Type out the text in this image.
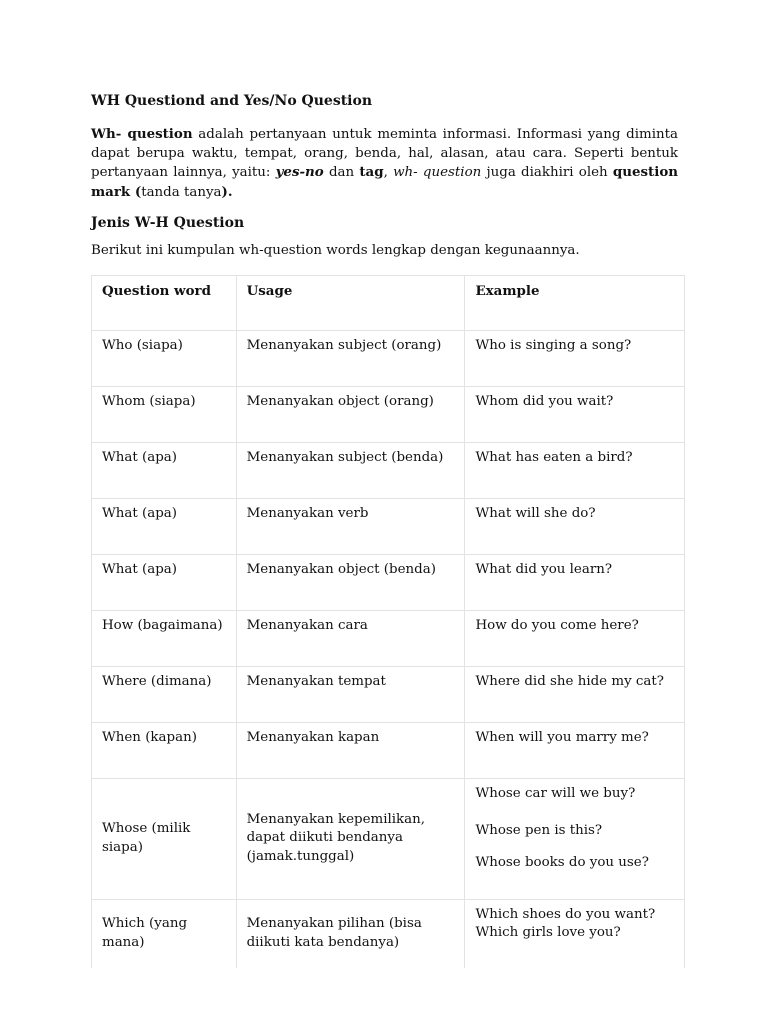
WH Questiond and Yes/No Question

Wh- question adalah pertanyaan untuk meminta informasi. Informasi yang diminta dapat berupa waktu, tempat, orang, benda, hal, alasan, atau cara. Seperti bentuk pertanyaan lainnya, yaitu: yes-no dan tag, wh- question juga diakhiri oleh question mark (tanda tanya).

Jenis W-H Question
Berikut ini kumpulan wh-question words lengkap dengan kegunaannya.
Question word	Usage	Example
Who (siapa)	Menanyakan subject (orang)	Who is singing a song?
Whom (siapa)	Menanyakan object (orang)	Whom did you wait?
What (apa)	Menanyakan subject (benda)	What has eaten a bird?
What (apa)	Menanyakan verb	What will she do?
What (apa)	Menanyakan object (benda)	What did you learn?
How (bagaimana)	Menanyakan cara	How do you come here?
Where (dimana)	Menanyakan tempat	Where did she hide my cat?
When (kapan)	Menanyakan kapan	When will you marry me?
Whose (milik siapa)	Menanyakan kepemilikan, dapat diikuti bendanya (jamak.tunggal)	Whose car will we buy?
Whose pen is this?
Whose books do you use?

Which (yang mana)	Menanyakan pilihan (bisa diikuti kata bendanya)	Which shoes do you want?
Which girls love you?
